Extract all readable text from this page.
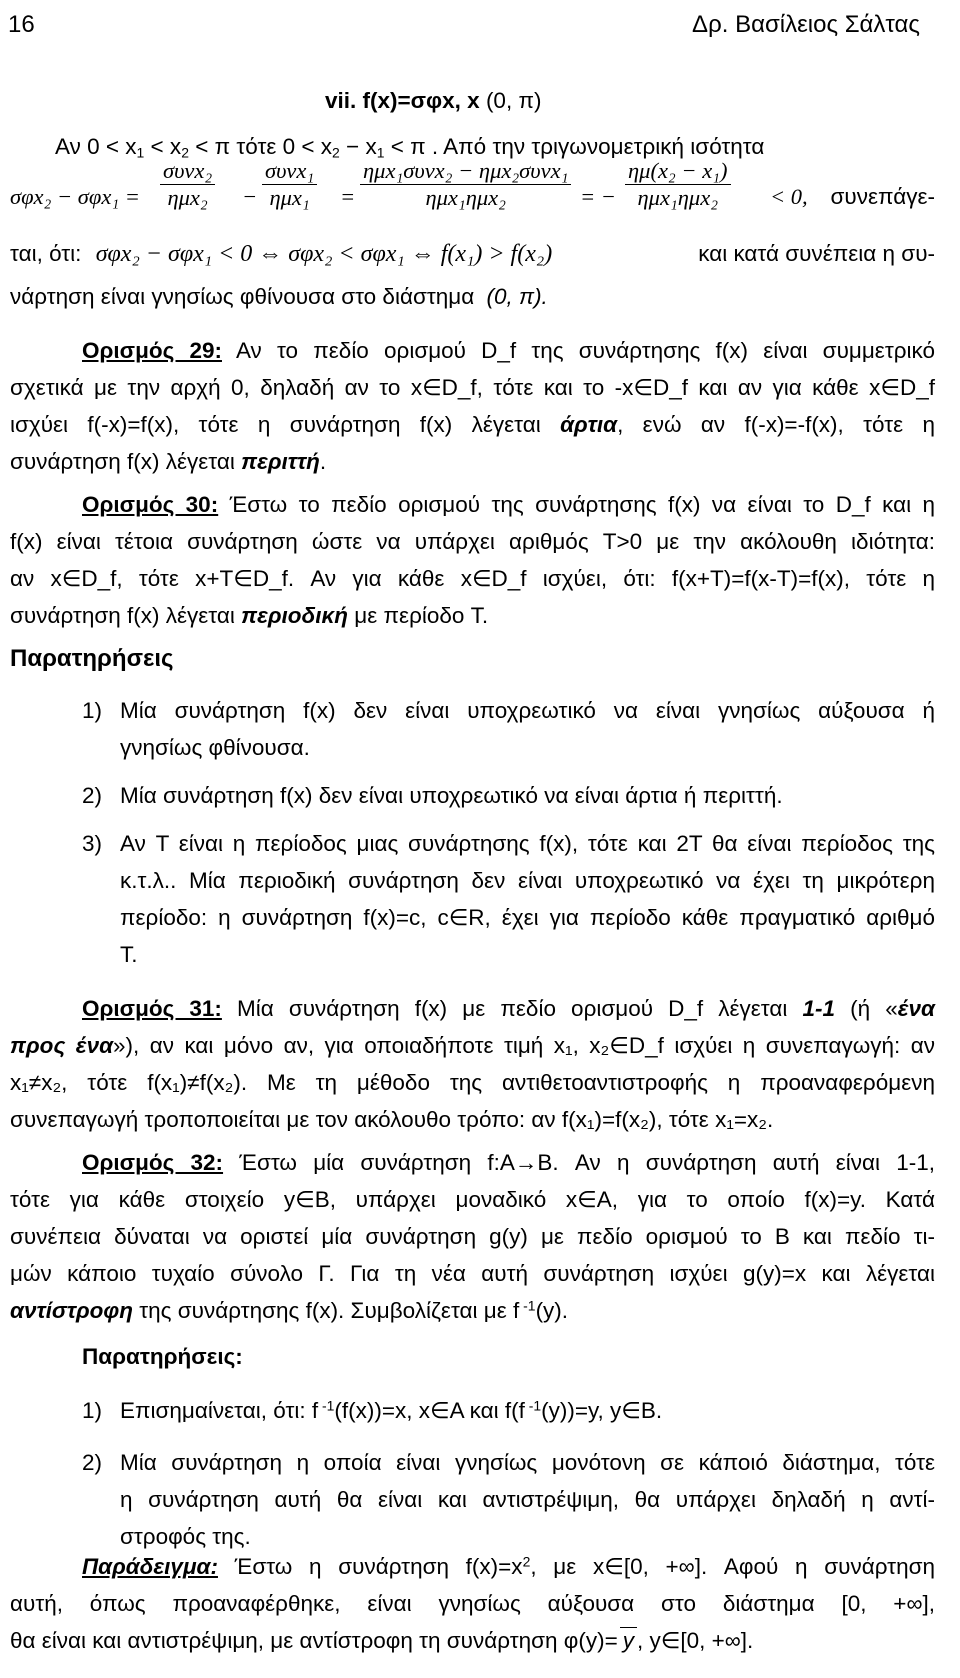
16	Δρ. Βασίλειος Σάλτας
vii. f(x)=σφx, x (0, π)
Αν $0 < x_1 < x_2 < \pi$ τότε $0 < x_2 - x_1 < \pi$ . Από την τριγωνομετρική ισότητα
σφx₂ − σφx₁ =
συνx₂
ημx₂	−
συνx₁
ημx₁	=
ημx₁συνx₂ − ημx₂συνx₁
ημx₁ημx₂	= −
ημ(x₂ − x₁)
ημx₁ημx₂	< 0, συνεπάγε-
ται, ότι: σφx₂ − σφx₁ < 0 ⇔ σφx₂ < σφx₁ ⇔ f(x₁) > f(x₂)	και κατά συνέπεια η συ-
νάρτηση είναι γνησίως φθίνουσα στο διάστημα (0, π).
Ορισμός 29: Αν το πεδίο ορισμού D_f της συνάρτησης f(x) είναι συμμετρικό
σχετικά με την αρχή 0, δηλαδή αν το x∈D_f, τότε και το -x∈D_f και αν για κάθε x∈D_f
ισχύει f(-x)=f(x), τότε η συνάρτηση f(x) λέγεται άρτια, ενώ αν f(-x)=-f(x), τότε η
συνάρτηση f(x) λέγεται περιττή.
Ορισμός 30: Έστω το πεδίο ορισμού της συνάρτησης f(x) να είναι το D_f και η
f(x) είναι τέτοια συνάρτηση ώστε να υπάρχει αριθμός T>0 με την ακόλουθη ιδιότητα:
αν x∈D_f, τότε x+T∈D_f. Αν για κάθε x∈D_f ισχύει, ότι: f(x+T)=f(x-T)=f(x), τότε η
συνάρτηση f(x) λέγεται περιοδική με περίοδο T.
Παρατηρήσεις
1) Μία συνάρτηση f(x) δεν είναι υποχρεωτικό να είναι γνησίως αύξουσα ή
γνησίως φθίνουσα.
2) Μία συνάρτηση f(x) δεν είναι υποχρεωτικό να είναι άρτια ή περιττή.
3) Αν T είναι η περίοδος μιας συνάρτησης f(x), τότε και 2T θα είναι περίοδος της
κ.τ.λ.. Μία περιοδική συνάρτηση δεν είναι υποχρεωτικό να έχει τη μικρότερη
περίοδο: η συνάρτηση f(x)=c, c∈R, έχει για περίοδο κάθε πραγματικό αριθμό
T.
Ορισμός 31: Μία συνάρτηση f(x) με πεδίο ορισμού D_f λέγεται 1-1 (ή «ένα
προς ένα»), αν και μόνο αν, για οποιαδήποτε τιμή x₁, x₂∈D_f ισχύει η συνεπαγωγή: αν
x₁≠x₂, τότε f(x₁)≠f(x₂). Με τη μέθοδο της αντιθετοαντιστροφής η προαναφερόμενη
συνεπαγωγή τροποποιείται με τον ακόλουθο τρόπο: αν f(x₁)=f(x₂), τότε x₁=x₂.
Ορισμός 32: Έστω μία συνάρτηση f:A→B. Αν η συνάρτηση αυτή είναι 1-1,
τότε για κάθε στοιχείο y∈B, υπάρχει μοναδικό x∈A, για το οποίο f(x)=y. Κατά
συνέπεια δύναται να οριστεί μία συνάρτηση g(y) με πεδίο ορισμού το B και πεδίο τι-
μών κάποιο τυχαίο σύνολο Γ. Για τη νέα αυτή συνάρτηση ισχύει g(y)=x και λέγεται
αντίστροφη της συνάρτησης f(x). Συμβολίζεται με f $^{-1}$(y).
Παρατηρήσεις:
1) Επισημαίνεται, ότι: f $^{-1}$(f(x))=x, x∈A και f(f $^{-1}$(y))=y, y∈B.
2) Μία συνάρτηση η οποία είναι γνησίως μονότονη σε κάποιό διάστημα, τότε
η συνάρτηση αυτή θα είναι και αντιστρέψιμη, θα υπάρχει δηλαδή η αντί-
στροφός της.
Παράδειγμα: Έστω η συνάρτηση $f(x)=x^2$, με x∈[0, +∞]. Αφού η συνάρτηση
αυτή, όπως προαναφέρθηκε, είναι γνησίως αύξουσα στο διάστημα [0, +∞],
θα είναι και αντιστρέψιμη, με αντίστροφη τη συνάρτηση φ(y)= y , y∈[0, +∞].
